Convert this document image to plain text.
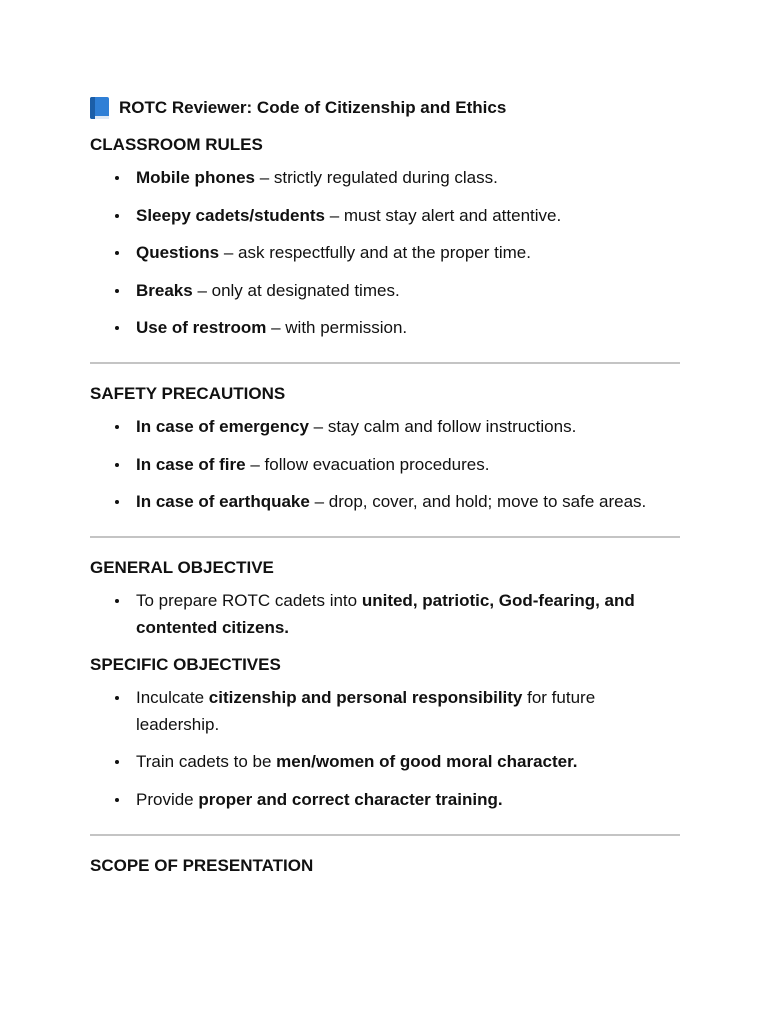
ROTC Reviewer: Code of Citizenship and Ethics
CLASSROOM RULES
Mobile phones – strictly regulated during class.
Sleepy cadets/students – must stay alert and attentive.
Questions – ask respectfully and at the proper time.
Breaks – only at designated times.
Use of restroom – with permission.
SAFETY PRECAUTIONS
In case of emergency – stay calm and follow instructions.
In case of fire – follow evacuation procedures.
In case of earthquake – drop, cover, and hold; move to safe areas.
GENERAL OBJECTIVE
To prepare ROTC cadets into united, patriotic, God-fearing, and contented citizens.
SPECIFIC OBJECTIVES
Inculcate citizenship and personal responsibility for future leadership.
Train cadets to be men/women of good moral character.
Provide proper and correct character training.
SCOPE OF PRESENTATION
